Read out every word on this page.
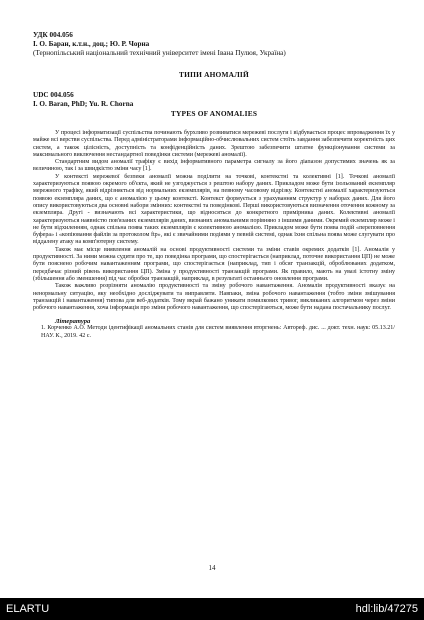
УДК 004.056
І. О. Баран, к.т.н., доц.; Ю. Р. Чорна
(Тернопільський національний технічний університет імені Івана Пулюя, Україна)
ТИПИ АНОМАЛІЙ
UDC 004.056
I. O. Baran, PhD; Yu. R. Chorna
TYPES OF ANOMALIES

У процесі інформатизації суспільства починають бурхливо розвиватися мережеві послуги і відбувається процес впровадження їх у майже всі верстви суспільства. Перед адміністраторами інформаційно-обчислювальних систем стоїть завдання забезпечити коректність цих систем, а також цілісність, доступність та конфіденційність даних. Зрештою забезпечити штатне функціонування системи за максимального виключення нестандартної поведінки системи (мережеві аномалії).

Стандартним видом аномалії трафіку є вихід інформативного параметра сигналу за його діапазон допустимих значень як за величиною, так і за швидкістю зміни часу [1].

У контексті мережевої безпеки аномалії можна поділити на точкові, контекстні та колективні [1]. Точкові аномалії характеризуються появою окремого об'єкта, який не узгоджується з рештою набору даних. Прикладом може бути ізольований екземпляр мережного трафіку, який відрізняється від нормальних екземплярів, на певному часовому відрізку. Контекстні аномалії характеризуються появою екземпляра даних, що є аномалією у цьому контексті. Контекст формується з урахуванням структур у наборах даних. Для його опису використовуються два основні набори змінних: контекстні та поведінкові. Перші використовуються визначення оточення кожному за екземпляра. Другі - визначають всі характеристики, що відносяться до конкретного примірника даних. Колективні аномалії характеризуються наявністю пов'язаних екземплярів даних, визнаних аномальними порівняно з іншими даними. Окремий екземпляр може і не бути відхиленням, однак спільна поява таких екземплярів є колективною аномалією. Прикладом може бути поява подій «переповнення буфера» і «копіювання файлів за протоколом ftp», які є звичайними подіями у певній системі, однак їхня спільна поява може слугувати про віддалену атаку на комп'ютерну систему.

Також має місце виявлення аномалій на основі продуктивності системи та зміни ставів окремих додатків [1]. Аномалія у продуктивності. За ними можна судити про те, що поведінка програми, що спостерігається (наприклад, поточне використання ЦП) не може бути пояснено робочим навантаженням програми, що спостерігається (наприклад, тип і обсяг транзакцій, оброблюваних додатком, передбачає різний рівень використання ЦП). Зміна у продуктивності транзакцій програми. Як правило, мають на увазі істотну зміну (збільшення або зменшення) під час обробки транзакцій, наприклад, в результаті останнього оновлення програми.

Також важливо розрізняти аномалію продуктивності та зміну робочого навантаження. Аномалія продуктивності вказує на ненормальну ситуацію, яку необхідно досліджувати та виправляти. Навпаки, зміна робочого навантаження (тобто зміни змішування транзакцій і навантаження) типова для веб-додатків. Тому вкрай бажано уникати помилкових тривог, викликаних алгоритмом через зміни робочого навантаження, хоча інформація про зміни робочого навантаження, що спостерігаються, може бути надана постачальнику послуг.

Література
1. Корченко А.О. Методи ідентифікації аномальних станів для систем виявлення вторгнень: Автореф. дис. ... докт. техн. наук: 05.13.21/НАУ. К., 2019. 42 с.
14
ELARTU	hdl:lib/47275
